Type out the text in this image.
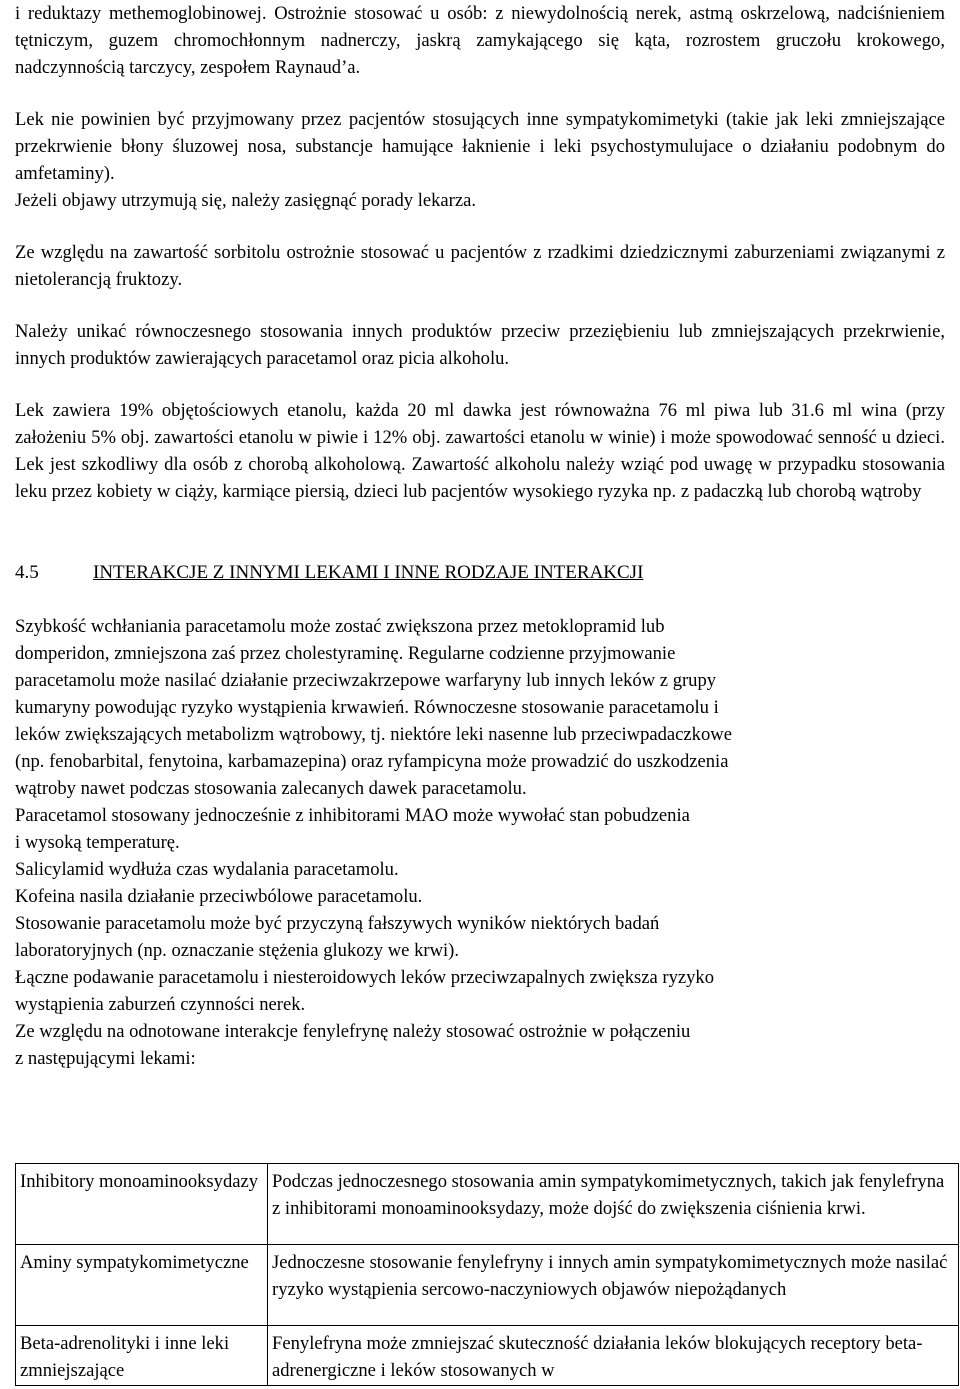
i reduktazy methemoglobinowej. Ostrożnie stosować u osób: z niewydolnością nerek, astmą oskrzelową, nadciśnieniem tętniczym, guzem chromochłonnym nadnerczy, jaskrą zamykającego się kąta, rozrostem gruczołu krokowego, nadczynnością tarczycy, zespołem Raynaud’a.

Lek nie powinien być przyjmowany przez pacjentów stosujących inne sympatykomimetyki (takie jak leki zmniejszające przekrwienie błony śluzowej nosa, substancje hamujące łaknienie i leki psychostymulujace o działaniu podobnym do amfetaminy).

Jeżeli objawy utrzymują się, należy zasięgnąć porady lekarza.

Ze względu na zawartość sorbitolu ostrożnie stosować u pacjentów z rzadkimi dziedzicznymi zaburzeniami związanymi z nietolerancją fruktozy.

Należy unikać równoczesnego stosowania innych produktów przeciw przeziębieniu lub zmniejszających przekrwienie, innych produktów zawierających paracetamol oraz picia alkoholu.

Lek zawiera 19% objętościowych etanolu, każda 20 ml dawka jest równoważna 76 ml piwa lub 31.6 ml wina (przy założeniu 5% obj. zawartości etanolu w piwie i 12% obj. zawartości etanolu w winie) i może spowodować senność u dzieci. Lek jest szkodliwy dla osób z chorobą alkoholową. Zawartość alkoholu należy wziąć pod uwagę w przypadku stosowania leku przez kobiety w ciąży, karmiące piersią, dzieci lub pacjentów wysokiego ryzyka np. z padaczką lub chorobą wątroby

4.5	INTERAKCJE Z INNYMI LEKAMI I INNE RODZAJE INTERAKCJI

Szybkość wchłaniania paracetamolu może zostać zwiększona przez metoklopramid lub

domperidon, zmniejszona zaś przez cholestyraminę. Regularne codzienne przyjmowanie

paracetamolu może nasilać działanie przeciwzakrzepowe warfaryny lub innych leków z grupy

kumaryny powodując ryzyko wystąpienia krwawień. Równoczesne stosowanie paracetamolu i

leków zwiększających metabolizm wątrobowy, tj. niektóre leki nasenne lub przeciwpadaczkowe

(np. fenobarbital, fenytoina, karbamazepina) oraz ryfampicyna może prowadzić do uszkodzenia

wątroby nawet podczas stosowania zalecanych dawek paracetamolu.

Paracetamol stosowany jednocześnie z inhibitorami MAO może wywołać stan pobudzenia

i wysoką temperaturę.

Salicylamid wydłuża czas wydalania paracetamolu.

Kofeina nasila działanie przeciwbólowe paracetamolu.

Stosowanie paracetamolu może być przyczyną fałszywych wyników niektórych badań

laboratoryjnych (np. oznaczanie stężenia glukozy we krwi).

Łączne podawanie paracetamolu i niesteroidowych leków przeciwzapalnych zwiększa ryzyko

wystąpienia zaburzeń czynności nerek.

Ze względu na odnotowane interakcje fenylefrynę należy stosować ostrożnie w połączeniu

z następującymi lekami:

Inhibitory monoaminooksydazy	Podczas jednoczesnego stosowania amin sympatykomimetycznych, takich jak fenylefryna z inhibitorami monoaminooksydazy, może dojść do zwiększenia ciśnienia krwi.
Aminy sympatykomimetyczne	Jednoczesne stosowanie fenylefryny i innych amin sympatykomimetycznych może nasilać ryzyko wystąpienia sercowo-naczyniowych objawów niepożądanych
Beta-adrenolityki i inne leki zmniejszające	Fenylefryna może zmniejszać skuteczność działania leków blokujących receptory beta-adrenergiczne i leków stosowanych w
